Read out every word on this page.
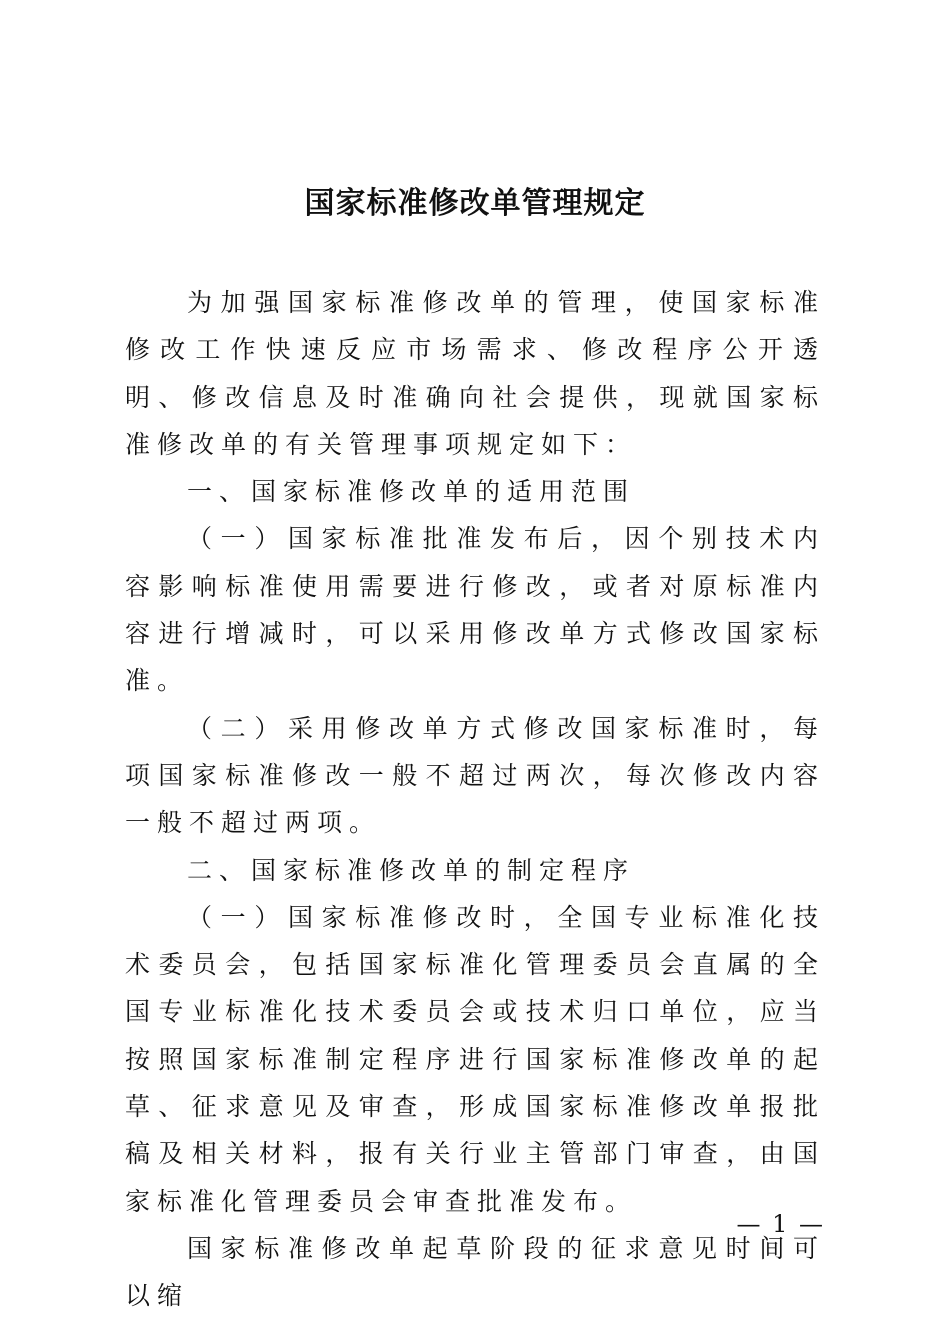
国家标准修改单管理规定

为加强国家标准修改单的管理，使国家标准修改工作快速反应市场需求、修改程序公开透明、修改信息及时准确向社会提供，现就国家标准修改单的有关管理事项规定如下：

一、国家标准修改单的适用范围

（一）国家标准批准发布后，因个别技术内容影响标准使用需要进行修改，或者对原标准内容进行增减时，可以采用修改单方式修改国家标准。

（二）采用修改单方式修改国家标准时，每项国家标准修改一般不超过两次，每次修改内容一般不超过两项。

二、国家标准修改单的制定程序

（一）国家标准修改时，全国专业标准化技术委员会，包括国家标准化管理委员会直属的全国专业标准化技术委员会或技术归口单位，应当按照国家标准制定程序进行国家标准修改单的起草、征求意见及审查，形成国家标准修改单报批稿及相关材料，报有关行业主管部门审查，由国家标准化管理委员会审查批准发布。

国家标准修改单起草阶段的征求意见时间可以缩

— 1 —
